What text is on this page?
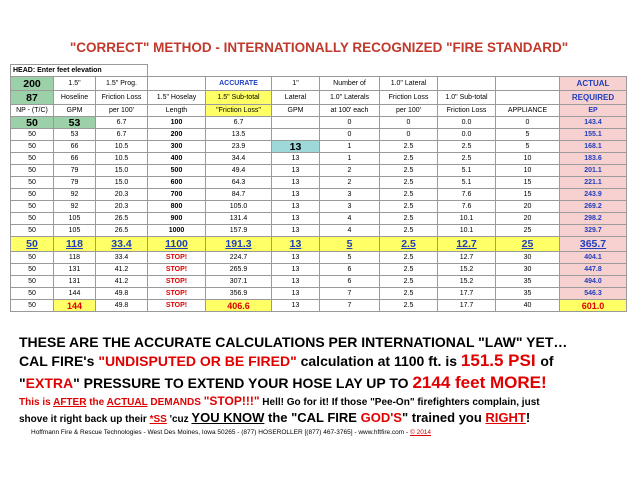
"CORRECT" METHOD - INTERNATIONALLY RECOGNIZED "FIRE STANDARD"
HEAD: Enter feet elevation										
200	1.5"	1.5" Prog.		ACCURATE	1"	Number of	1.0" Lateral			ACTUAL
87	Hoseline	Friction Loss	1.5" Hoselay	1.5" Sub-total	Lateral	1.0" Laterals	Friction Loss	1.0" Sub-total		REQUIRED
NP - (T/C)	GPM	per 100'	Length	"Friction Loss"	GPM	at 100' each	per 100'	Friction Loss	APPLIANCE	EP
50	53	6.7	100	6.7		0	0	0.0	0	143.4
50	53	6.7	200	13.5		0	0	0.0	5	155.1
50	66	10.5	300	23.9	13	1	2.5	2.5	5	168.1
50	66	10.5	400	34.4	13	1	2.5	2.5	10	183.6
50	79	15.0	500	49.4	13	2	2.5	5.1	10	201.1
50	79	15.0	600	64.3	13	2	2.5	5.1	15	221.1
50	92	20.3	700	84.7	13	3	2.5	7.6	15	243.9
50	92	20.3	800	105.0	13	3	2.5	7.6	20	269.2
50	105	26.5	900	131.4	13	4	2.5	10.1	20	298.2
50	105	26.5	1000	157.9	13	4	2.5	10.1	25	329.7
50	118	33.4	1100	191.3	13	5	2.5	12.7	25	365.7
50	118	33.4	STOP!	224.7	13	5	2.5	12.7	30	404.1
50	131	41.2	STOP!	265.9	13	6	2.5	15.2	30	447.8
50	131	41.2	STOP!	307.1	13	6	2.5	15.2	35	494.0
50	144	49.8	STOP!	356.9	13	7	2.5	17.7	35	546.3
50	144	49.8	STOP!	406.6	13	7	2.5	17.7	40	601.0
THESE ARE THE ACCURATE CALCULATIONS PER INTERNATIONAL "LAW" YET…
CAL FIRE's "UNDISPUTED OR BE FIRED" calculation at 1100 ft. is 151.5 PSI of
"EXTRA" PRESSURE TO EXTEND YOUR HOSE LAY UP TO 2144 feet MORE!
This is AFTER the ACTUAL DEMANDS "STOP!!!" Hell! Go for it! If those "Pee-On" firefighters complain, just
shove it right back up their *SS 'cuz YOU KNOW the "CAL FIRE GOD'S" trained you RIGHT!
Hoffmann Fire & Rescue Technologies - West Des Moines, Iowa 50265 - (877) HOSEROLLER [(877) 467-3765] - www.hftfire.com - © 2014
